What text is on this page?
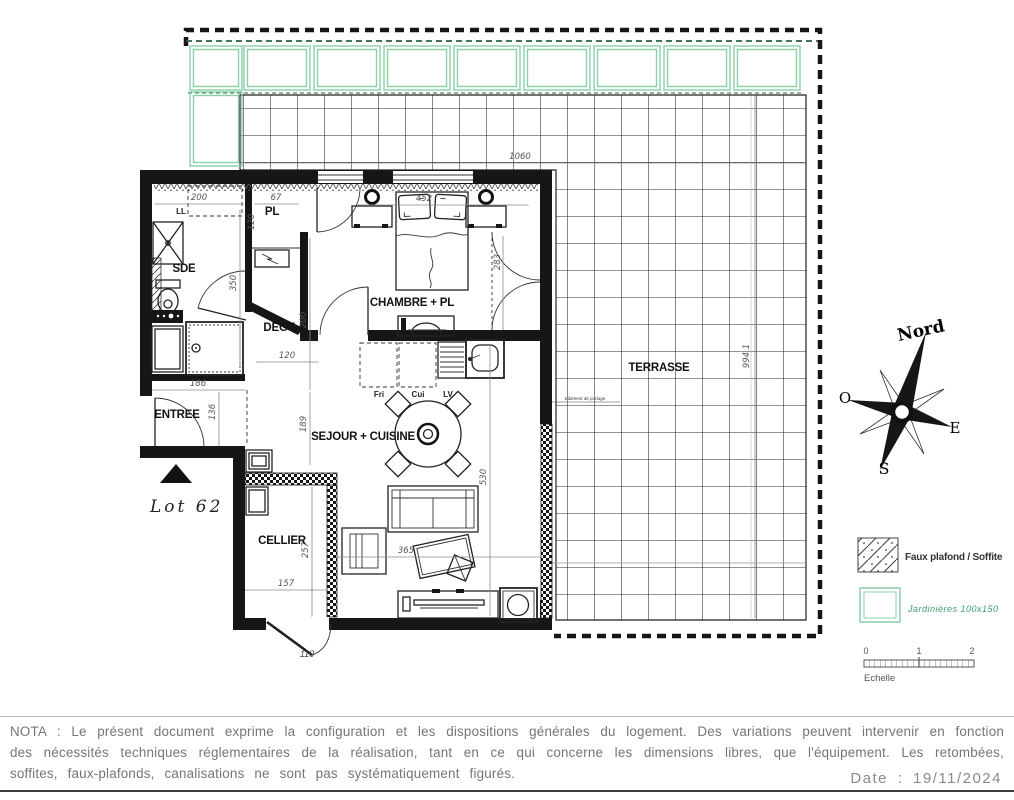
1060
994.1
TERRASSE
Bâtiment de partage
LL
Fri	Cui LV
SDE
PL
DEGT
CHAMBRE + PL
ENTREE
CELLIER
SEJOUR + CUISINE
110
200	67
120
350
200
120
186
136
189
257
157
365
530
283
452
Lot 62
Nord
O
E
S
Faux plafond / Soffite
Jardinières 100x150
0	1	2
Echelle
NOTA : Le présent document exprime la configuration et les dispositions générales du logement. Des variations peuvent intervenir en fonction des nécessités techniques réglementaires de la réalisation, tant en ce qui concerne les dimensions libres, que l'équipement. Les retombées, soffites, faux-plafonds, canalisations ne sont pas systématiquement figurés.	Date : 19/11/2024
